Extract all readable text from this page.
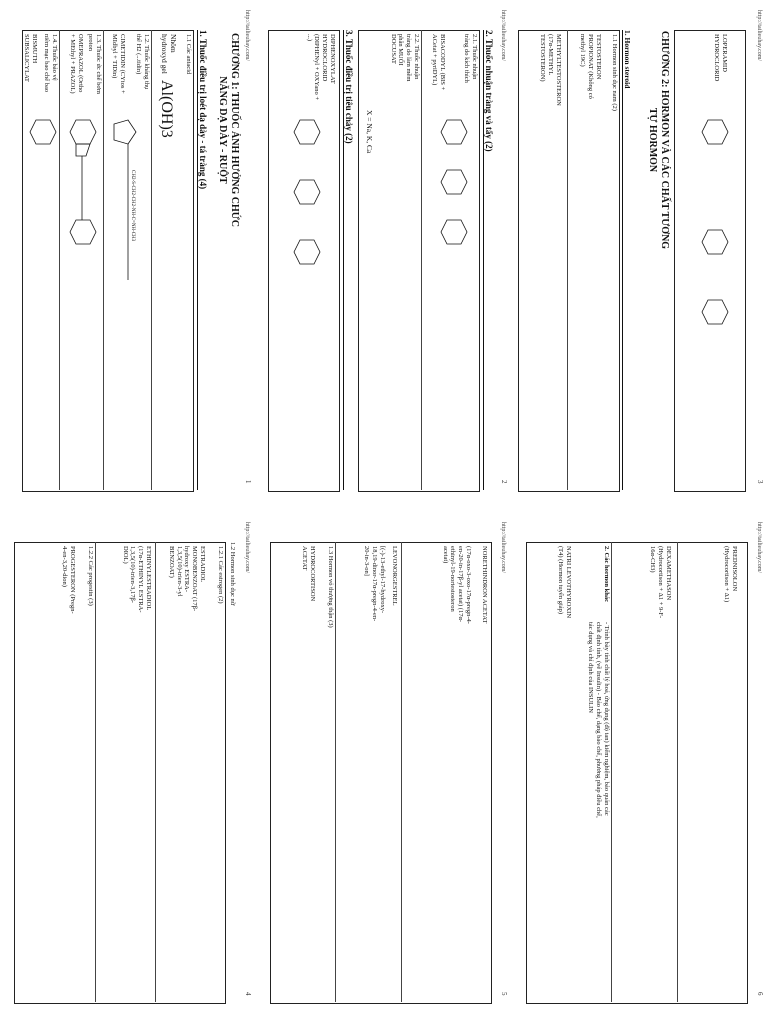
http://tailieuhay.com/
1
CHƯƠNG 1: THUỐC ẢNH HƯỞNG CHỨC NĂNG DẠ DÀY - RUỘT
1. Thuốc điều trị loét dạ dày - tá tràng (4)
1.1 Các antacid
Nhôm hydroxyd gel
Al(OH)3
1.2. Thuốc kháng thụ thể H2 (...tidin)
CIMETIDIN (CYtos + MIdbyl + TIDin)
CH2-S-CH2-CH2-NH-C=NH-CH3
1.3. Thuốc ức chế bơm proton
OMEPRAZOL (Ortho + MEthyl + PRAZOL)
1.4. Thuốc bảo vệ niêm mạc bao chế bao
BISMUTH SUBSALICYLAT	http://tailieuhay.com/
2
2. Thuốc nhuận tràng và tẩy (2)
2.1. Thuốc nhuận tràng do kích thích
BISACODYL (BIS + ACetat + pyriDYL)
2.2. Thuốc nhuận tràng do làm mềm phân MUỐI DOCUSAT
X = Na, K, Ca
3. Thuốc điều trị tiêu chảy (2)
DIPHENOXYLAT HYDROCLORID (DIPHENyl + OXYano + ...)	http://tailieuhay.com/
3
LOPERAMID HYDROCLORID
CHƯƠNG 2: HORMON VÀ CÁC CHẤT TƯƠNG TỰ HORMON
1. Hormon steroid
1.1 Hormon sinh dục nam (2)
TESTOSTERON PROPIONAT (Không có methyl 19C)
METHYLTESTOSTERON (17α-METHYL TESTOSTERON)
http://tailieuhay.com/
4
1.2 Hormon sinh dục nữ
1.2.1 Các estrogen (2)
ESTRADIOL MONOBENZOAT (17β-hydroxy ESTRA-1,3,5(10)-trien-3-yl BENZOAT)
ETHINYLESTRADIOL (17α-ETHINYL ESTRA-1,3,5(10)-trien-3,17β-DIOL)
1.2.2 Các progestin (3)
PROGESTERON (Pregn-4-en-3,20-dion)	http://tailieuhay.com/
5
NORETHINDRON ACETAT
(17α-oxo-3-oxo-17α-pregn-4-en-20-in-17β-yl acetat) (17α-ethinyl-19-nortestosteron acetat)
LEVONORGESTREL
[(-)-13-ethyl-17-hydroxy-18,19-dinor-17α-pregn-4-en-20-in-3-on]
1.3 Hormon vỏ thượng thận (3)
HYDROCORTISON ACETAT	http://tailieuhay.com/
6
PREDNISOLON (Hydrocortison + Δ1)
DEXAMETHASON (Hydrocortison + Δ1 + 9-F-16α-CH3)
2. Các hormon khác
- Trình bày tính chất lý hoá, ứng dụng (độ tan) kiểm nghiệm, bảo quản các chất định tính, (về Insulin) - Bảo chế, dạng bào chế, phương pháp điều chế, tác dụng và chỉ định của INSULIN
NATRI LEVOTHYROXIN (T4) (Hormon tuyến giáp)
